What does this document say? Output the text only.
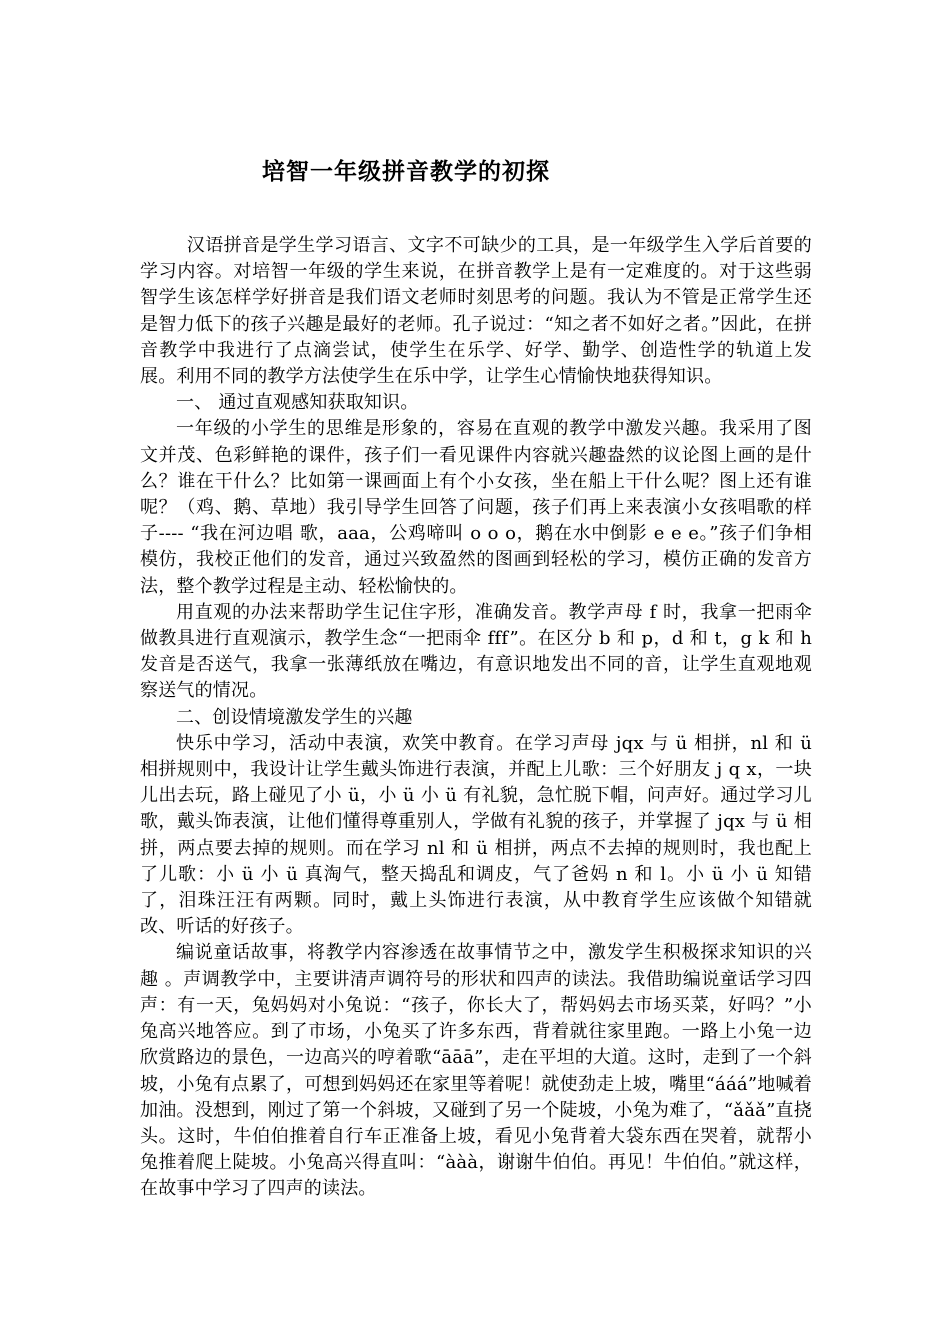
培智一年级拼音教学的初探

汉语拼音是学生学习语言、文字不可缺少的工具，是一年级学生入学后首要的学习内容。对培智一年级的学生来说，在拼音教学上是有一定难度的。对于这些弱智学生该怎样学好拼音是我们语文老师时刻思考的问题。我认为不管是正常学生还是智力低下的孩子兴趣是最好的老师。孔子说过：“知之者不如好之者。”因此，在拼音教学中我进行了点滴尝试，使学生在乐学、好学、勤学、创造性学的轨道上发展。利用不同的教学方法使学生在乐中学，让学生心情愉快地获得知识。

一、 通过直观感知获取知识。

一年级的小学生的思维是形象的，容易在直观的教学中激发兴趣。我采用了图文并茂、色彩鲜艳的课件，孩子们一看见课件内容就兴趣盎然的议论图上画的是什么？谁在干什么？比如第一课画面上有个小女孩，坐在船上干什么呢？图上还有谁呢？（鸡、鹅、草地）我引导学生回答了问题，孩子们再上来表演小女孩唱歌的样子---- “我在河边唱 歌，aaa，公鸡啼叫 o o o，鹅在水中倒影 e e e。”孩子们争相模仿，我校正他们的发音，通过兴致盈然的图画到轻松的学习，模仿正确的发音方法，整个教学过程是主动、轻松愉快的。

用直观的办法来帮助学生记住字形，准确发音。教学声母 f 时，我拿一把雨伞做教具进行直观演示，教学生念“一把雨伞 fff”。在区分 b 和 p，d 和 t，g k 和 h 发音是否送气，我拿一张薄纸放在嘴边，有意识地发出不同的音，让学生直观地观察送气的情况。

二、创设情境激发学生的兴趣

快乐中学习，活动中表演，欢笑中教育。在学习声母 jqx 与 ü 相拼，nl 和 ü 相拼规则中，我设计让学生戴头饰进行表演，并配上儿歌：三个好朋友 j q x，一块儿出去玩，路上碰见了小 ü，小 ü 小 ü 有礼貌，急忙脱下帽，问声好。通过学习儿歌，戴头饰表演，让他们懂得尊重别人，学做有礼貌的孩子，并掌握了 jqx 与 ü 相拼，两点要去掉的规则。而在学习 nl 和 ü 相拼，两点不去掉的规则时，我也配上了儿歌：小 ü 小 ü 真淘气，整天捣乱和调皮，气了爸妈 n 和 l。小 ü 小 ü 知错了，泪珠汪汪有两颗。同时，戴上头饰进行表演，从中教育学生应该做个知错就改、听话的好孩子。

编说童话故事，将教学内容渗透在故事情节之中，激发学生积极探求知识的兴趣 。声调教学中，主要讲清声调符号的形状和四声的读法。我借助编说童话学习四声：有一天，兔妈妈对小兔说：“孩子，你长大了，帮妈妈去市场买菜，好吗？”小兔高兴地答应。到了市场，小兔买了许多东西，背着就往家里跑。一路上小兔一边欣赏路边的景色，一边高兴的哼着歌“āāā”，走在平坦的大道。这时，走到了一个斜坡，小兔有点累了，可想到妈妈还在家里等着呢！就使劲走上坡，嘴里“ááá”地喊着加油。没想到，刚过了第一个斜坡，又碰到了另一个陡坡，小兔为难了，“ǎǎǎ”直挠头。这时，牛伯伯推着自行车正准备上坡，看见小兔背着大袋东西在哭着，就帮小兔推着爬上陡坡。小兔高兴得直叫：“ààà，谢谢牛伯伯。再见！牛伯伯。”就这样，在故事中学习了四声的读法。
